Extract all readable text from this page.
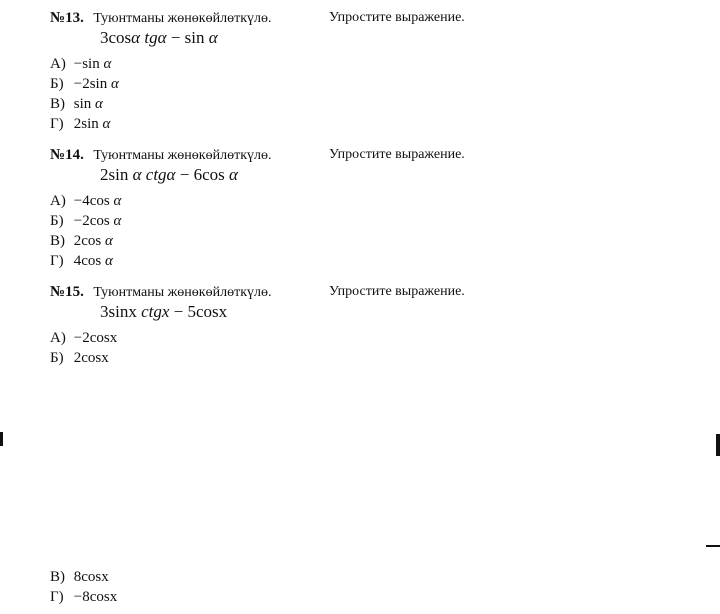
№13. Туюнтманы жөнөкөйлөткүлө.	Упростите выражение.
3cosα tgα − sin α
А) −sin α
Б) −2sin α
В) sin α
Г) 2sin α
№14. Туюнтманы жөнөкөйлөткүлө.	Упростите выражение.
2sin α ctgα − 6cos α
А) −4cos α
Б) −2cos α
В) 2cos α
Г) 4cos α
№15. Туюнтманы жөнөкөйлөткүлө.	Упростите выражение.
3sinx ctgx − 5cosx
А) −2cosx
Б) 2cosx
В) 8cosx
Г) −8cosx
